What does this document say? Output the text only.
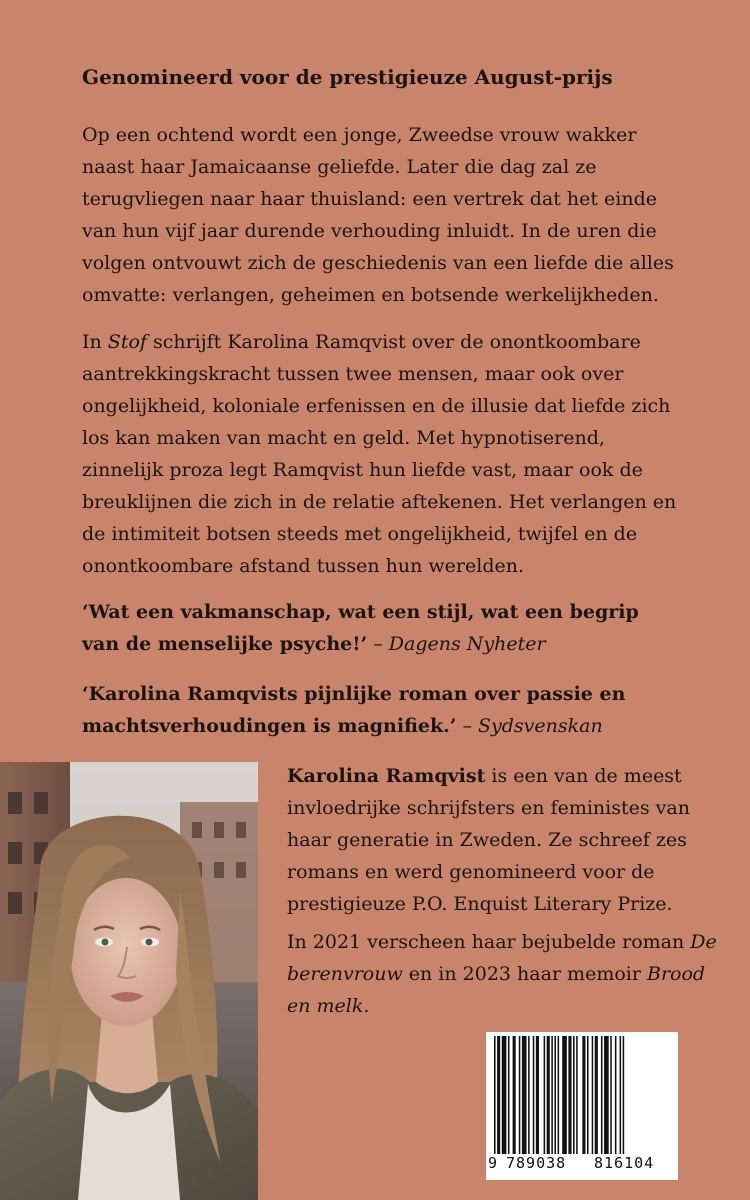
Genomineerd voor de prestigieuze August-prijs

Op een ochtend wordt een jonge, Zweedse vrouw wakker naast haar Jamaicaanse geliefde. Later die dag zal ze terugvliegen naar haar thuisland: een vertrek dat het einde van hun vijf jaar durende verhouding inluidt. In de uren die volgen ontvouwt zich de geschiedenis van een liefde die alles omvatte: verlangen, geheimen en botsende werkelijkheden.

In Stof schrijft Karolina Ramqvist over de onontkoombare aantrekkingskracht tussen twee mensen, maar ook over ongelijkheid, koloniale erfenissen en de illusie dat liefde zich los kan maken van macht en geld. Met hypnotiserend, zinnelijk proza legt Ramqvist hun liefde vast, maar ook de breuklijnen die zich in de relatie aftekenen. Het verlangen en de intimiteit botsen steeds met ongelijkheid, twijfel en de onontkoombare afstand tussen hun werelden.

‘Wat een vakmanschap, wat een stijl, wat een begrip van de menselijke psyche!’ – Dagens Nyheter
‘Karolina Ramqvists pijnlijke roman over passie en machtsverhoudingen is magnifiek.’ – Sydsvenskan

Karolina Ramqvist is een van de meest invloedrijke schrijfsters en feministes van haar generatie in Zweden. Ze schreef zes romans en werd genomineerd voor de prestigieuze P.O. Enquist Literary Prize.

In 2021 verscheen haar bejubelde roman De berenvrouw en in 2023 haar memoir Brood en melk.

9 789038 816104
